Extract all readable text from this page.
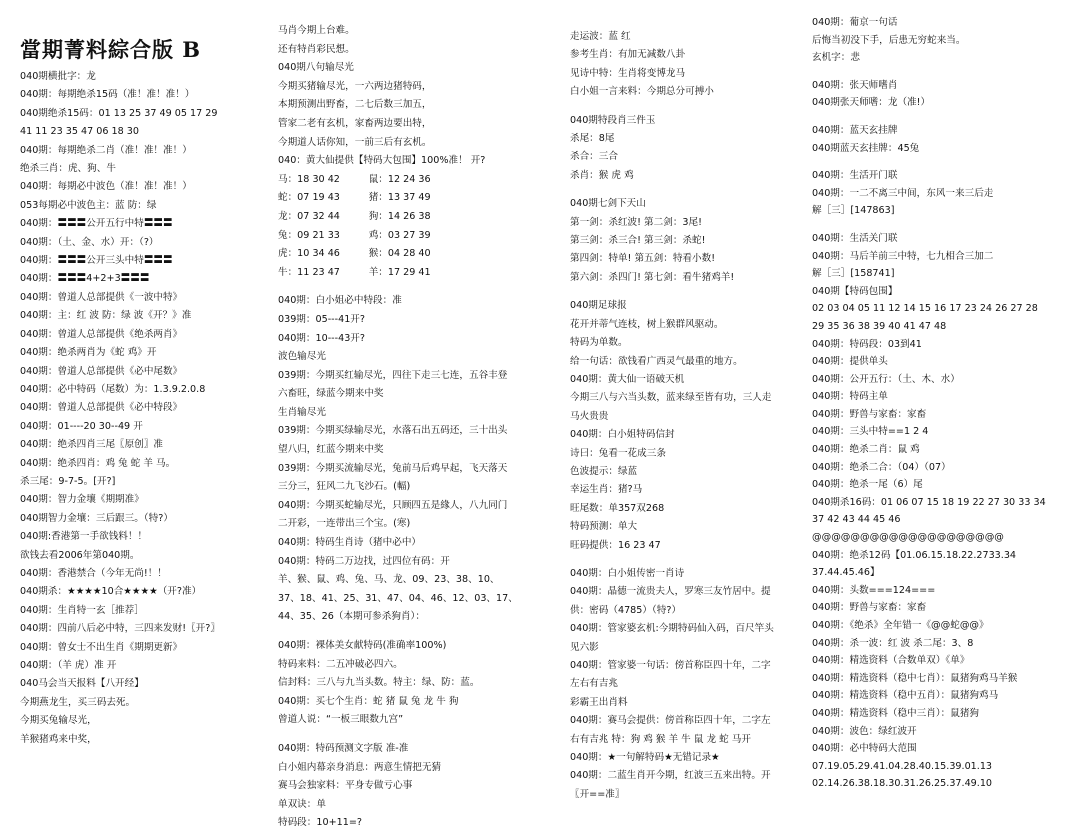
當期菁料綜合版 B
040期横批字：龙
040期：每期绝杀15码（准！准！准！）
040期绝杀15码：01 13 25 37 49 05 17 29
41 11 23 35 47 06 18 30
040期：每期绝杀二肖（准！准！准！）
绝杀三肖：虎、狗、牛
040期：每期必中波色（准！准！准！）
053每期必中波色主：蓝 防：绿
040期：〓〓〓公开五行中特〓〓〓
040期：（土、金、水）开：（?）
040期：〓〓〓公开三头中特〓〓〓
040期：〓〓〓4+2+3〓〓〓
040期：曾道人总部提供《一波中特》
040期：主：红 波 防：绿 波《开？》准
040期：曾道人总部提供《绝杀两肖》
040期：绝杀两肖为《蛇 鸡》开
040期：曾道人总部提供《必中尾数》
040期：必中特码（尾数）为：1.3.9.2.0.8
040期：曾道人总部提供《必中特段》
040期：01----20 30--49 开
040期：绝杀四肖三尾〖原创〗准
040期：绝杀四肖：鸡 兔 蛇 羊 马。
杀三尾：9-7-5。[开?]
040期：智力金壤《期期准》
040期智力金壤：三后跟三。（特?）
040期:香港第一手欲钱料！！
欲钱去看2006年第040期。
040期：香港禁合（今年无尚!！！
040期杀：★★★★10合★★★★（开?准）
040期：生肖特一玄［推荐］
040期：四前八后必中特，三四来发财!〖开?〗
040期：曾女士不出生肖《期期更新》
040期：（羊 虎）准 开
040马会当天报料【八开经】
今期燕龙生，买三码去死。
今期买兔输尽光，
羊猴猪鸡来中奖，
马肖今期上台难。
还有特肖彩民想。
040期八句输尽光
今期买猪输尽光，一六两边猪特码，
本期预测出野畜，二七后数三加五，
管家二老有玄机，家畜两边要出特，
今期道人话你知，一前三后有玄机。
040：黄大仙提供【特码大包围】100%准！ 开?
马：18 30 42　　　鼠：12 24 36
蛇：07 19 43　　　猪：13 37 49
龙：07 32 44　　　狗：14 26 38
兔：09 21 33　　　鸡：03 27 39
虎：10 34 46　　　猴：04 28 40
牛：11 23 47　　　羊：17 29 41
040期：白小姐必中特段：准
039期：05---41开?
040期：10---43开?
波色输尽光
039期：今期买红输尽光，四往下走三七连，五谷丰登
六畜旺，绿蓝今期来中奖
生肖输尽光
039期：今期买绿输尽光，水落石出五码还，三十出头
望八归，红蓝今期来中奖
039期：今期买流输尽光，兔前马后鸡早起，飞天落天
三分三，狂风二九飞沙石。(輻)
040期：今期买蛇输尽光，只顾四五是緣人，八九同门
二开彩，一连带出三个宝。(寒)
040期：特码生肖诗（猪中必中）
040期：特码二万边找，过四位有码：开
羊、猴、鼠、鸡、兔、马、龙、09、23、38、10、
37、18、41、25、31、47、04、46、12、03、17、
44、35、26（本期可参杀狗肖）：
040期：裸体美女献特码(准确率100%)
特码来料：二五冲破必四六。
信封料：三八与九当头数。特主：绿、防：蓝。
040期：买七个生肖：蛇 猪 鼠 兔 龙 牛 狗
曾道人说：“一板三眼数九宫”
040期：特码预测文字版 准-准
白小姐内幕亲身消息：两意生情把无猜
赛马会独家料：平身专做亏心事
单双诀：单
特码段：10+11=?
走运波：蓝 红
参考生肖：有加无减数八卦
见诗中特：生肖将变博龙马
白小姐一言来料：今期总分可搏小
040期特段肖三件玉
杀尾：8尾
杀合：三合
杀肖：猴 虎 鸡
040期七剑下天山
第一剑：杀红波! 第二剑：3尾!
第三剑：杀三合! 第三剑：杀蛇!
第四剑：特单! 第五剑：特看小数!
第六剑：杀四门! 第七剑：看牛猪鸡羊!
040期足球报
花开并蒂气连枝，树上猴群风驱动。
特码为单数。
给一句话：欲钱看广西灵气最重的地方。
040期：黄大仙一语破天机
今期三八与六当头数，蓝来绿至皆有功，三人走
马火贵贵
040期：白小姐特码信封
诗曰：兔看一花成三条
色波提示：绿蓝
幸运生肖：猪?马
旺尾数：单357双268
特码预测：单大
旺码提供：16 23 47
040期：白小姐传密一肖诗
040期：晶德一流贵夫人，罗寒三友竹居中。提
供：密码（4785）（特?）
040期：管家婆玄机:今期特码仙入码，百尺竿头
见六影
040期：管家婆一句话：傍首称臣四十年，二字
左右有吉兆
彩霸王出肖料
040期：赛马会提供：傍首称臣四十年，二字左
右有吉兆 特：狗 鸡 猴 羊 牛 鼠 龙 蛇 马开
040期：★一句解特码★无错记录★
040期：二蓝生肖开今期，红波三五来出特。开
〖开==准〗
040期：葡京一句话
后悔当初没下手，后患无穷蛇来当。
玄机字：悲
040期：张天师嗜肖
040期张天师嗜：龙（准!）
040期：蓝天玄挂牌
040期蓝天玄挂牌：45兔
040期：生活开门联
040期：一二不离三中间，东风一来三后走
解［三］[147863]
040期：生活关门联
040期：马后羊前三中特，七九相合三加二
解［三］[158741]
040期【特码包围】
02 03 04 05 11 12 14 15 16 17 23 24 26 27 28
29 35 36 38 39 40 41 47 48
040期：特码段：03到41
040期：提供单头
040期：公开五行：（土、木、水）
040期：特码主单
040期：野兽与家畜：家畜
040期：三头中特==1 2 4
040期：绝杀二肖：鼠 鸡
040期：绝杀二合：（04）（07）
040期：绝杀一尾（6）尾
040期杀16码：01 06 07 15 18 19 22 27 30 33 34
37 42 43 44 45 46
@@@@@@@@@@@@@@@@@@@@
040期：绝杀12码【01.06.15.18.22.2733.34
37.44.45.46】
040期：头数===124===
040期：野兽与家畜：家畜
040期：《绝杀》全年错一《@@蛇@@》
040期：杀一波：红 波 杀二尾：3、8
040期：精选资料（合数单双）《单》
040期：精选资料（稳中七肖）：鼠猪狗鸡马羊猴
040期：精选资料（稳中五肖）：鼠猪狗鸡马
040期：精选资料（稳中三肖）：鼠猪狗
040期：波色：绿红波开
040期：必中特码大范围
07.19.05.29.41.04.28.40.15.39.01.13
02.14.26.38.18.30.31.26.25.37.49.10
